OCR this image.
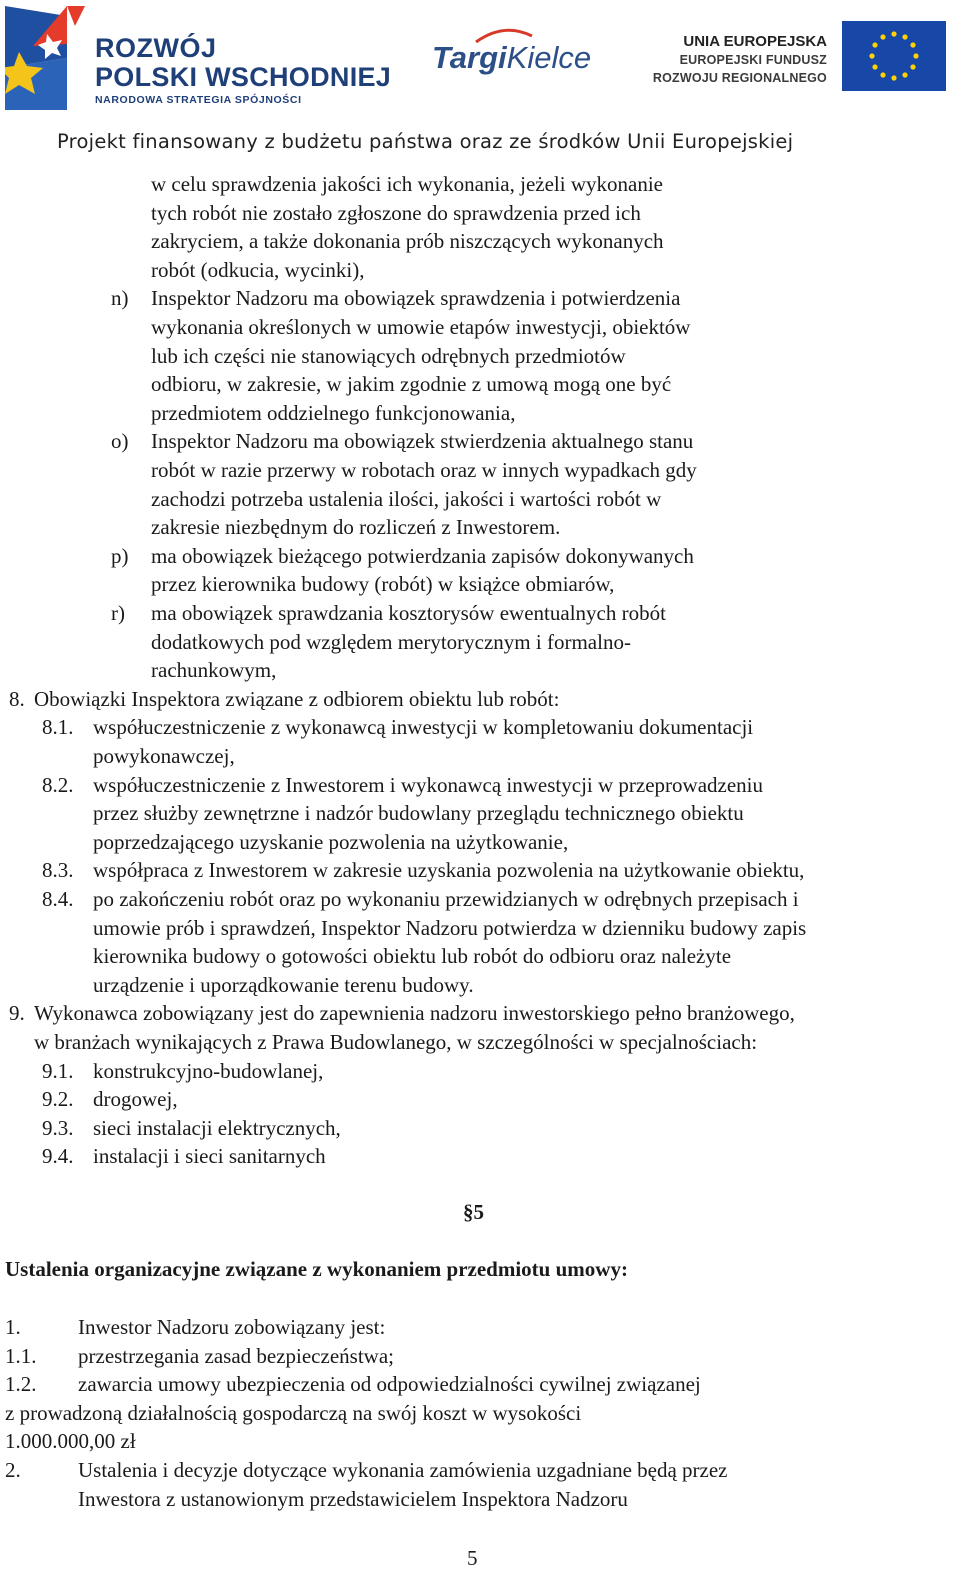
ROZWÓJ
POLSKI WSCHODNIEJ
NARODOWA STRATEGIA SPÓJNOŚCI
TargiKielce	UNIA EUROPEJSKA
EUROPEJSKI FUNDUSZ
ROZWOJU REGIONALNEGO
Projekt finansowany z budżetu państwa oraz ze środków Unii Europejskiej
w celu sprawdzenia jakości ich wykonania, jeżeli wykonanie
tych robót nie zostało zgłoszone do sprawdzenia przed ich
zakryciem, a także dokonania prób niszczących wykonanych
robót (odkucia, wycinki),
n) Inspektor Nadzoru ma obowiązek sprawdzenia i potwierdzenia
wykonania określonych w umowie etapów inwestycji, obiektów
lub ich części nie stanowiących odrębnych przedmiotów
odbioru, w zakresie, w jakim zgodnie z umową mogą one być
przedmiotem oddzielnego funkcjonowania,
o) Inspektor Nadzoru ma obowiązek stwierdzenia aktualnego stanu
robót w razie przerwy w robotach oraz w innych wypadkach gdy
zachodzi potrzeba ustalenia ilości, jakości i wartości robót w
zakresie niezbędnym do rozliczeń z Inwestorem.
p) ma obowiązek bieżącego potwierdzania zapisów dokonywanych
przez kierownika budowy (robót) w książce obmiarów,
r) ma obowiązek sprawdzania kosztorysów ewentualnych robót
dodatkowych pod względem merytorycznym i formalno-
rachunkowym,
8. Obowiązki Inspektora związane z odbiorem obiektu lub robót:
8.1. współuczestniczenie z wykonawcą inwestycji w kompletowaniu dokumentacji
powykonawczej,
8.2. współuczestniczenie z Inwestorem i wykonawcą inwestycji w przeprowadzeniu
przez służby zewnętrzne i nadzór budowlany przeglądu technicznego obiektu
poprzedzającego uzyskanie pozwolenia na użytkowanie,
8.3. współpraca z Inwestorem w zakresie uzyskania pozwolenia na użytkowanie obiektu,
8.4. po zakończeniu robót oraz po wykonaniu przewidzianych w odrębnych przepisach i
umowie prób i sprawdzeń, Inspektor Nadzoru potwierdza w dzienniku budowy zapis
kierownika budowy o gotowości obiektu lub robót do odbioru oraz należyte
urządzenie i uporządkowanie terenu budowy.
9. Wykonawca zobowiązany jest do zapewnienia nadzoru inwestorskiego pełno branżowego,
w branżach wynikających z Prawa Budowlanego, w szczególności w specjalnościach:
9.1. konstrukcyjno-budowlanej,
9.2. drogowej,
9.3. sieci instalacji elektrycznych,
9.4. instalacji i sieci sanitarnych
§5
Ustalenia organizacyjne związane z wykonaniem przedmiotu umowy:
1.	Inwestor Nadzoru zobowiązany jest:
1.1. przestrzegania zasad bezpieczeństwa;
1.2. zawarcia umowy ubezpieczenia od odpowiedzialności cywilnej związanej
z prowadzoną działalnością gospodarczą na swój koszt w wysokości
1.000.000,00 zł
2.	Ustalenia i decyzje dotyczące wykonania zamówienia uzgadniane będą przez
Inwestora z ustanowionym przedstawicielem Inspektora Nadzoru
5
